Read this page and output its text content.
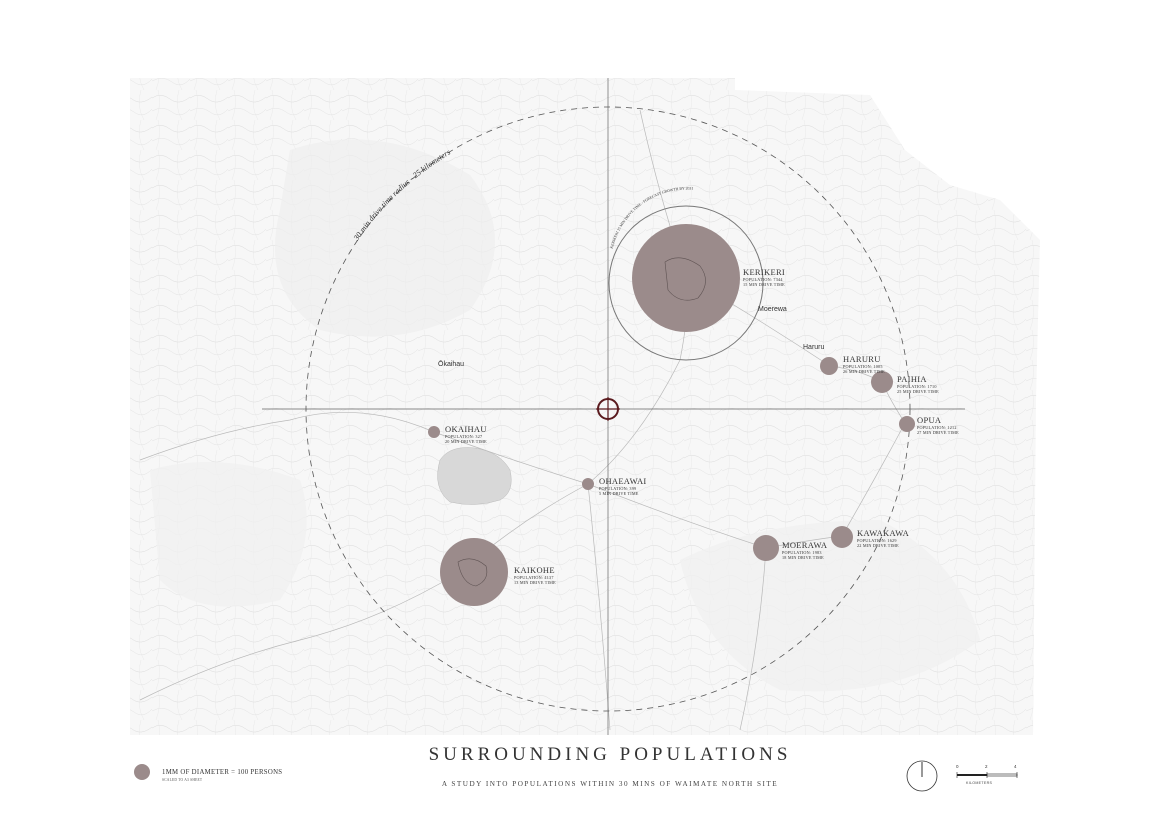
30 min drive time radius - 25 kilometers
KERIKERI 15 MIN DRIVE TIME - FORECAST GROWTH BY 2031
KERIKERI
POPULATION: 7344
15 MIN DRIVE TIME
HARURU
POPULATION: 1005
26 MIN DRIVE TIME
PAIHIA
POPULATION: 1710
25 MIN DRIVE TIME
OPUA
POPULATION: 1212
27 MIN DRIVE TIME
OKAIHAU
POPULATION: 327
20 MIN DRIVE TIME
OHAEAWAI
POPULATION: 399
5 MIN DRIVE TIME
KAIKOHE
POPULATION: 4137
13 MIN DRIVE TIME
MOERAWA
POPULATION: 1983
18 MIN DRIVE TIME
KAWAKAWA
POPULATION: 1629
22 MIN DRIVE TIME
Moerewa
Haruru
Ōkaihau
SURROUNDING POPULATIONS
A STUDY INTO POPULATIONS WITHIN 30 MINS OF WAIMATE NORTH SITE
1MM OF DIAMETER = 100 PERSONS
SCALED TO A3 SHEET
0	2	4
KILOMETERS
